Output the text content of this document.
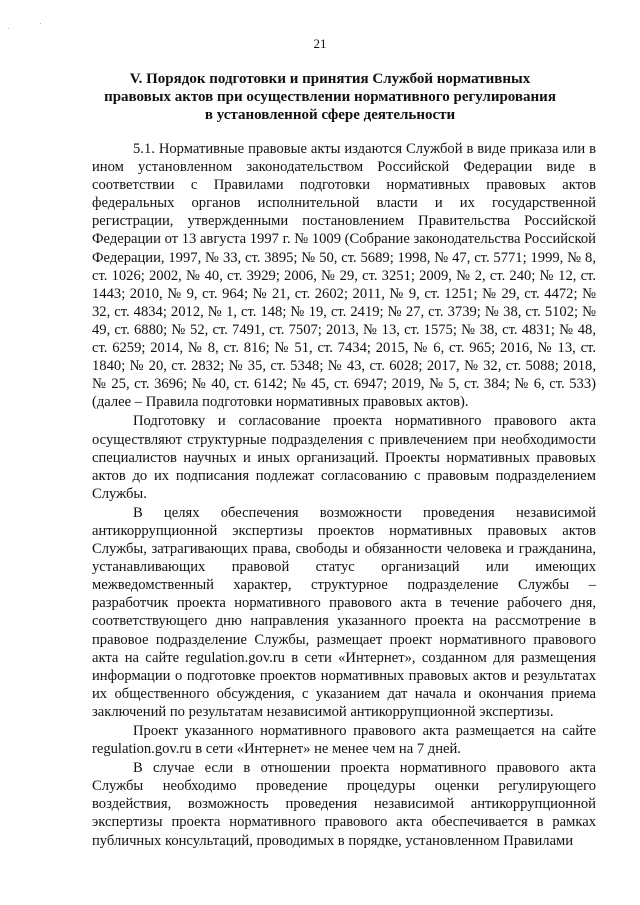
21
V. Порядок подготовки и принятия Службой нормативных
правовых актов при осуществлении нормативного регулирования
в установленной сфере деятельности

5.1. Нормативные правовые акты издаются Службой в виде приказа или в ином установленном законодательством Российской Федерации виде в соответствии с Правилами подготовки нормативных правовых актов федеральных органов исполнительной власти и их государственной регистрации, утвержденными постановлением Правительства Российской Федерации от 13 августа 1997 г. № 1009 (Собрание законодательства Российской Федерации, 1997, № 33, ст. 3895; № 50, ст. 5689; 1998, № 47, ст. 5771; 1999, № 8, ст. 1026; 2002, № 40, ст. 3929; 2006, № 29, ст. 3251; 2009, № 2, ст. 240; № 12, ст. 1443; 2010, № 9, ст. 964; № 21, ст. 2602; 2011, № 9, ст. 1251; № 29, ст. 4472; № 32, ст. 4834; 2012, № 1, ст. 148; № 19, ст. 2419; № 27, ст. 3739; № 38, ст. 5102; № 49, ст. 6880; № 52, ст. 7491, ст. 7507; 2013, № 13, ст. 1575; № 38, ст. 4831; № 48, ст. 6259; 2014, № 8, ст. 816; № 51, ст. 7434; 2015, № 6, ст. 965; 2016, № 13, ст. 1840; № 20, ст. 2832; № 35, ст. 5348; № 43, ст. 6028; 2017, № 32, ст. 5088; 2018, № 25, ст. 3696; № 40, ст. 6142; № 45, ст. 6947; 2019, № 5, ст. 384; № 6, ст. 533) (далее – Правила подготовки нормативных правовых актов).

Подготовку и согласование проекта нормативного правового акта осуществляют структурные подразделения с привлечением при необходимости специалистов научных и иных организаций. Проекты нормативных правовых актов до их подписания подлежат согласованию с правовым подразделением Службы.

В целях обеспечения возможности проведения независимой антикоррупционной экспертизы проектов нормативных правовых актов Службы, затрагивающих права, свободы и обязанности человека и гражданина, устанавливающих правовой статус организаций или имеющих межведомственный характер, структурное подразделение Службы – разработчик проекта нормативного правового акта в течение рабочего дня, соответствующего дню направления указанного проекта на рассмотрение в правовое подразделение Службы, размещает проект нормативного правового акта на сайте regulation.gov.ru в сети «Интернет», созданном для размещения информации о подготовке проектов нормативных правовых актов и результатах их общественного обсуждения, с указанием дат начала и окончания приема заключений по результатам независимой антикоррупционной экспертизы.

Проект указанного нормативного правового акта размещается на сайте regulation.gov.ru в сети «Интернет» не менее чем на 7 дней.

В случае если в отношении проекта нормативного правового акта Службы необходимо проведение процедуры оценки регулирующего воздействия, возможность проведения независимой антикоррупционной экспертизы проекта нормативного правового акта обеспечивается в рамках публичных консультаций, проводимых в порядке, установленном Правилами
